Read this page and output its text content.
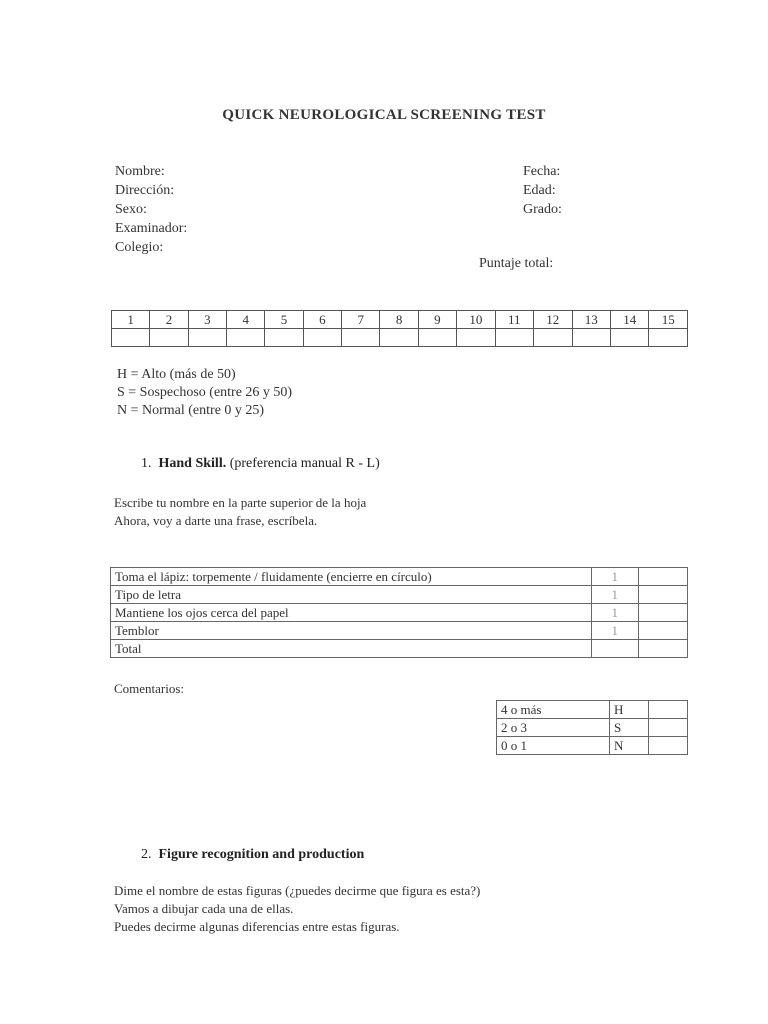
QUICK NEUROLOGICAL SCREENING TEST
Nombre:
Dirección:
Sexo:
Examinador:
Colegio:
Fecha:
Edad:
Grado:
Puntaje total:
1	2	3	4	5	6	7	8	9	10	11	12	13	14	15

H = Alto (más de 50)
S = Sospechoso (entre 26 y 50)
N = Normal (entre 0 y 25)
1. Hand Skill. (preferencia manual R - L)
Escribe tu nombre en la parte superior de la hoja
Ahora, voy a darte una frase, escríbela.
Toma el lápiz: torpemente / fluidamente (encierre en círculo)	1	
Tipo de letra	1	
Mantiene los ojos cerca del papel	1	
Temblor	1	
Total		
Comentarios:
4 o más	H	
2 o 3	S	
0 o 1	N	
2. Figure recognition and production
Dime el nombre de estas figuras (¿puedes decirme que figura es esta?)
Vamos a dibujar cada una de ellas.
Puedes decirme algunas diferencias entre estas figuras.
